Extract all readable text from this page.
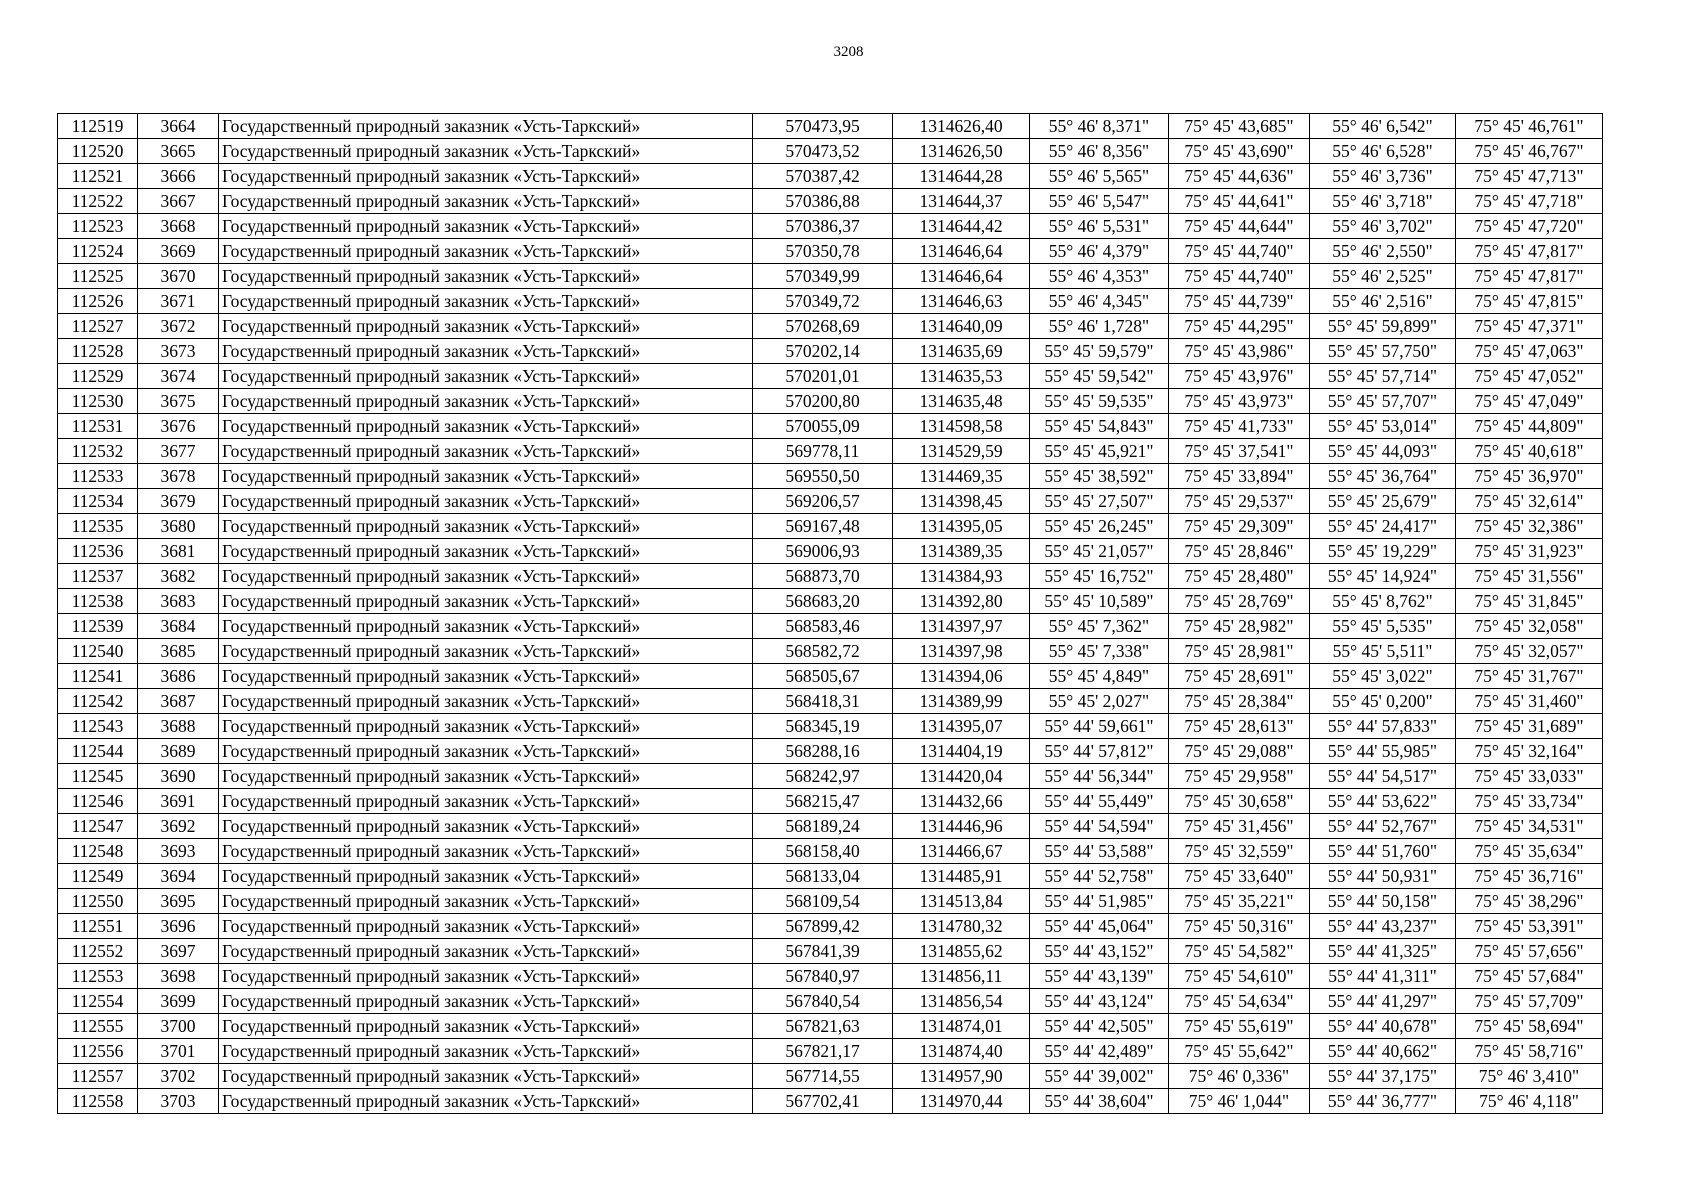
3208
112519	3664	Государственный природный заказник «Усть-Таркский»	570473,95	1314626,40	55° 46' 8,371"	75° 45' 43,685"	55° 46' 6,542"	75° 45' 46,761"
112520	3665	Государственный природный заказник «Усть-Таркский»	570473,52	1314626,50	55° 46' 8,356"	75° 45' 43,690"	55° 46' 6,528"	75° 45' 46,767"
112521	3666	Государственный природный заказник «Усть-Таркский»	570387,42	1314644,28	55° 46' 5,565"	75° 45' 44,636"	55° 46' 3,736"	75° 45' 47,713"
112522	3667	Государственный природный заказник «Усть-Таркский»	570386,88	1314644,37	55° 46' 5,547"	75° 45' 44,641"	55° 46' 3,718"	75° 45' 47,718"
112523	3668	Государственный природный заказник «Усть-Таркский»	570386,37	1314644,42	55° 46' 5,531"	75° 45' 44,644"	55° 46' 3,702"	75° 45' 47,720"
112524	3669	Государственный природный заказник «Усть-Таркский»	570350,78	1314646,64	55° 46' 4,379"	75° 45' 44,740"	55° 46' 2,550"	75° 45' 47,817"
112525	3670	Государственный природный заказник «Усть-Таркский»	570349,99	1314646,64	55° 46' 4,353"	75° 45' 44,740"	55° 46' 2,525"	75° 45' 47,817"
112526	3671	Государственный природный заказник «Усть-Таркский»	570349,72	1314646,63	55° 46' 4,345"	75° 45' 44,739"	55° 46' 2,516"	75° 45' 47,815"
112527	3672	Государственный природный заказник «Усть-Таркский»	570268,69	1314640,09	55° 46' 1,728"	75° 45' 44,295"	55° 45' 59,899"	75° 45' 47,371"
112528	3673	Государственный природный заказник «Усть-Таркский»	570202,14	1314635,69	55° 45' 59,579"	75° 45' 43,986"	55° 45' 57,750"	75° 45' 47,063"
112529	3674	Государственный природный заказник «Усть-Таркский»	570201,01	1314635,53	55° 45' 59,542"	75° 45' 43,976"	55° 45' 57,714"	75° 45' 47,052"
112530	3675	Государственный природный заказник «Усть-Таркский»	570200,80	1314635,48	55° 45' 59,535"	75° 45' 43,973"	55° 45' 57,707"	75° 45' 47,049"
112531	3676	Государственный природный заказник «Усть-Таркский»	570055,09	1314598,58	55° 45' 54,843"	75° 45' 41,733"	55° 45' 53,014"	75° 45' 44,809"
112532	3677	Государственный природный заказник «Усть-Таркский»	569778,11	1314529,59	55° 45' 45,921"	75° 45' 37,541"	55° 45' 44,093"	75° 45' 40,618"
112533	3678	Государственный природный заказник «Усть-Таркский»	569550,50	1314469,35	55° 45' 38,592"	75° 45' 33,894"	55° 45' 36,764"	75° 45' 36,970"
112534	3679	Государственный природный заказник «Усть-Таркский»	569206,57	1314398,45	55° 45' 27,507"	75° 45' 29,537"	55° 45' 25,679"	75° 45' 32,614"
112535	3680	Государственный природный заказник «Усть-Таркский»	569167,48	1314395,05	55° 45' 26,245"	75° 45' 29,309"	55° 45' 24,417"	75° 45' 32,386"
112536	3681	Государственный природный заказник «Усть-Таркский»	569006,93	1314389,35	55° 45' 21,057"	75° 45' 28,846"	55° 45' 19,229"	75° 45' 31,923"
112537	3682	Государственный природный заказник «Усть-Таркский»	568873,70	1314384,93	55° 45' 16,752"	75° 45' 28,480"	55° 45' 14,924"	75° 45' 31,556"
112538	3683	Государственный природный заказник «Усть-Таркский»	568683,20	1314392,80	55° 45' 10,589"	75° 45' 28,769"	55° 45' 8,762"	75° 45' 31,845"
112539	3684	Государственный природный заказник «Усть-Таркский»	568583,46	1314397,97	55° 45' 7,362"	75° 45' 28,982"	55° 45' 5,535"	75° 45' 32,058"
112540	3685	Государственный природный заказник «Усть-Таркский»	568582,72	1314397,98	55° 45' 7,338"	75° 45' 28,981"	55° 45' 5,511"	75° 45' 32,057"
112541	3686	Государственный природный заказник «Усть-Таркский»	568505,67	1314394,06	55° 45' 4,849"	75° 45' 28,691"	55° 45' 3,022"	75° 45' 31,767"
112542	3687	Государственный природный заказник «Усть-Таркский»	568418,31	1314389,99	55° 45' 2,027"	75° 45' 28,384"	55° 45' 0,200"	75° 45' 31,460"
112543	3688	Государственный природный заказник «Усть-Таркский»	568345,19	1314395,07	55° 44' 59,661"	75° 45' 28,613"	55° 44' 57,833"	75° 45' 31,689"
112544	3689	Государственный природный заказник «Усть-Таркский»	568288,16	1314404,19	55° 44' 57,812"	75° 45' 29,088"	55° 44' 55,985"	75° 45' 32,164"
112545	3690	Государственный природный заказник «Усть-Таркский»	568242,97	1314420,04	55° 44' 56,344"	75° 45' 29,958"	55° 44' 54,517"	75° 45' 33,033"
112546	3691	Государственный природный заказник «Усть-Таркский»	568215,47	1314432,66	55° 44' 55,449"	75° 45' 30,658"	55° 44' 53,622"	75° 45' 33,734"
112547	3692	Государственный природный заказник «Усть-Таркский»	568189,24	1314446,96	55° 44' 54,594"	75° 45' 31,456"	55° 44' 52,767"	75° 45' 34,531"
112548	3693	Государственный природный заказник «Усть-Таркский»	568158,40	1314466,67	55° 44' 53,588"	75° 45' 32,559"	55° 44' 51,760"	75° 45' 35,634"
112549	3694	Государственный природный заказник «Усть-Таркский»	568133,04	1314485,91	55° 44' 52,758"	75° 45' 33,640"	55° 44' 50,931"	75° 45' 36,716"
112550	3695	Государственный природный заказник «Усть-Таркский»	568109,54	1314513,84	55° 44' 51,985"	75° 45' 35,221"	55° 44' 50,158"	75° 45' 38,296"
112551	3696	Государственный природный заказник «Усть-Таркский»	567899,42	1314780,32	55° 44' 45,064"	75° 45' 50,316"	55° 44' 43,237"	75° 45' 53,391"
112552	3697	Государственный природный заказник «Усть-Таркский»	567841,39	1314855,62	55° 44' 43,152"	75° 45' 54,582"	55° 44' 41,325"	75° 45' 57,656"
112553	3698	Государственный природный заказник «Усть-Таркский»	567840,97	1314856,11	55° 44' 43,139"	75° 45' 54,610"	55° 44' 41,311"	75° 45' 57,684"
112554	3699	Государственный природный заказник «Усть-Таркский»	567840,54	1314856,54	55° 44' 43,124"	75° 45' 54,634"	55° 44' 41,297"	75° 45' 57,709"
112555	3700	Государственный природный заказник «Усть-Таркский»	567821,63	1314874,01	55° 44' 42,505"	75° 45' 55,619"	55° 44' 40,678"	75° 45' 58,694"
112556	3701	Государственный природный заказник «Усть-Таркский»	567821,17	1314874,40	55° 44' 42,489"	75° 45' 55,642"	55° 44' 40,662"	75° 45' 58,716"
112557	3702	Государственный природный заказник «Усть-Таркский»	567714,55	1314957,90	55° 44' 39,002"	75° 46' 0,336"	55° 44' 37,175"	75° 46' 3,410"
112558	3703	Государственный природный заказник «Усть-Таркский»	567702,41	1314970,44	55° 44' 38,604"	75° 46' 1,044"	55° 44' 36,777"	75° 46' 4,118"
